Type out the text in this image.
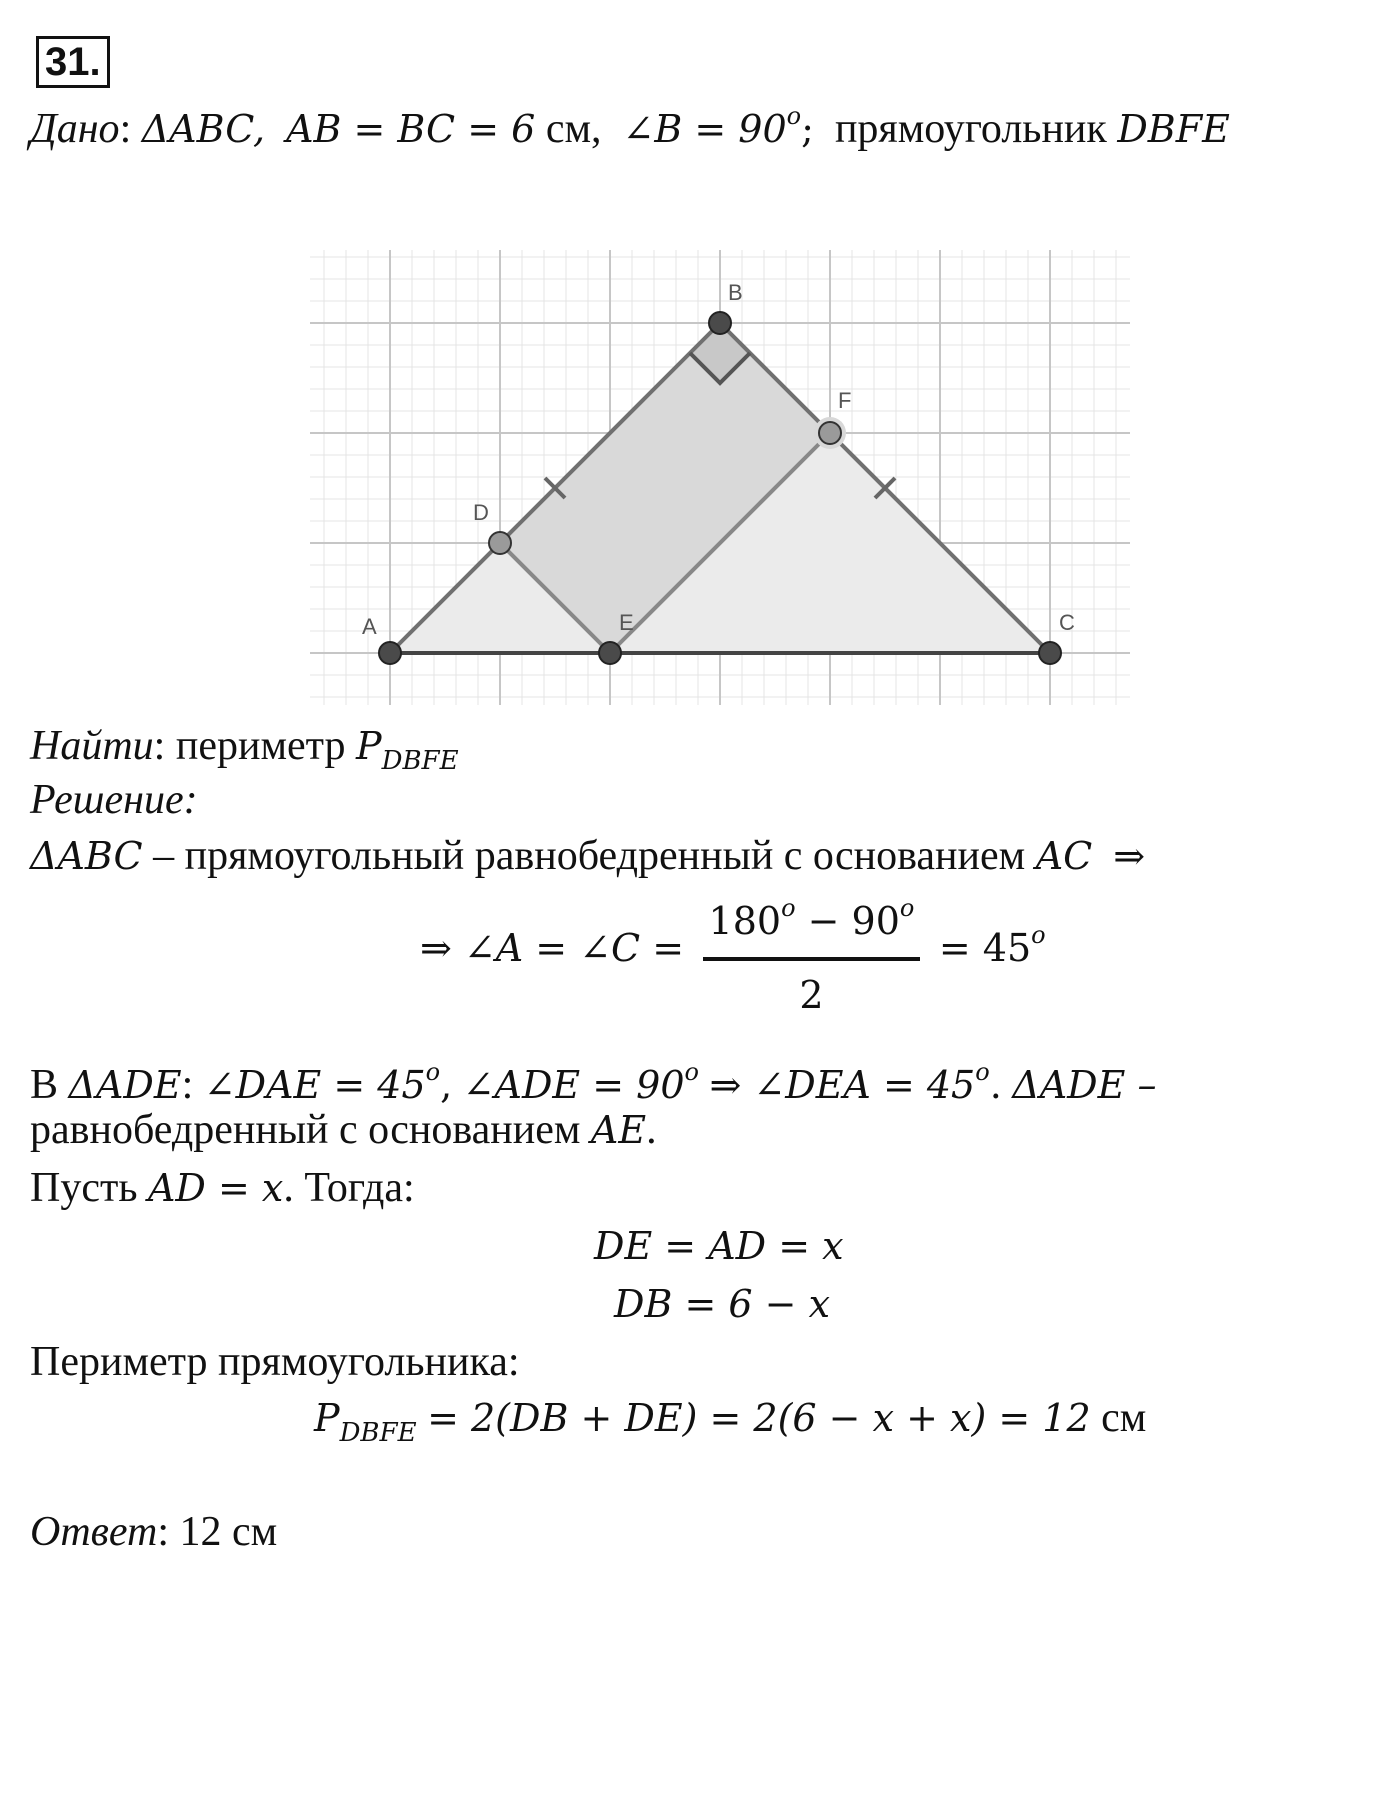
31.
Дано: ΔABC, AB = BC = 6 см, ∠B = $90^o$; прямоугольник DBFE
A
B
C
D
E
F
Найти: периметр $P_{DBFE}$
Решение:
ΔABC – прямоугольный равнобедренный с основанием AC ⇒
⇒ ∠A = ∠C = $\frac{180^o - 90^o}{2} = 45^o$
В ΔADE: ∠DAE = $45^o$, ∠ADE = $90^o$ ⇒ ∠DEA = $45^o$. ΔADE –
равнобедренный с основанием AE.
Пусть AD = x. Тогда:
DE = AD = x
DB = 6 − x
Периметр прямоугольника:
$P_{DBFE} = 2(DB + DE) = 2(6 - x + x) = 12$ см
Ответ: 12 см
